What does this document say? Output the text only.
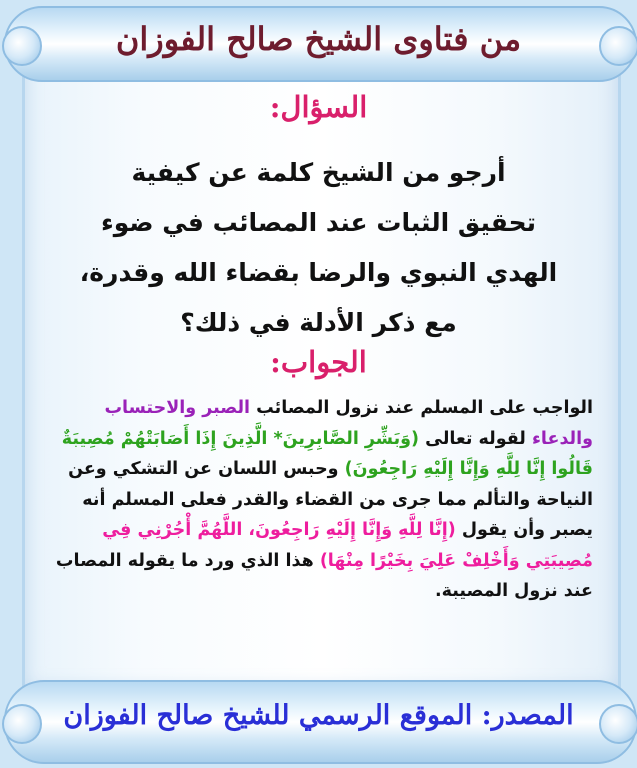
من فتاوى الشيخ صالح الفوزان
السؤال:
أرجو من الشيخ كلمة عن كيفية
تحقيق الثبات عند المصائب في ضوء
الهدي النبوي والرضا بقضاء الله وقدرة،
مع ذكر الأدلة في ذلك؟
الجواب:
الواجب على المسلم عند نزول المصائب الصبر والاحتساب والدعاء لقوله تعالى (وَبَشِّرِ الصَّابِرِينَ* الَّذِينَ إِذَا أَصَابَتْهُمْ مُصِيبَةٌ قَالُوا إِنَّا لِلَّهِ وَإِنَّا إِلَيْهِ رَاجِعُونَ) وحبس اللسان عن التشكي وعن النياحة والتألم مما جرى من القضاء والقدر فعلى المسلم أنه يصبر وأن يقول (إِنَّا لِلَّهِ وَإِنَّا إِلَيْهِ رَاجِعُونَ، اللَّهُمَّ أْجُرْنِي فِي مُصِيبَتِي وَأَخْلِفْ عَلِيَ بِخَيْرًا مِنْهَا) هذا الذي ورد ما يقوله المصاب عند نزول المصيبة.
المصدر: الموقع الرسمي للشيخ صالح الفوزان
